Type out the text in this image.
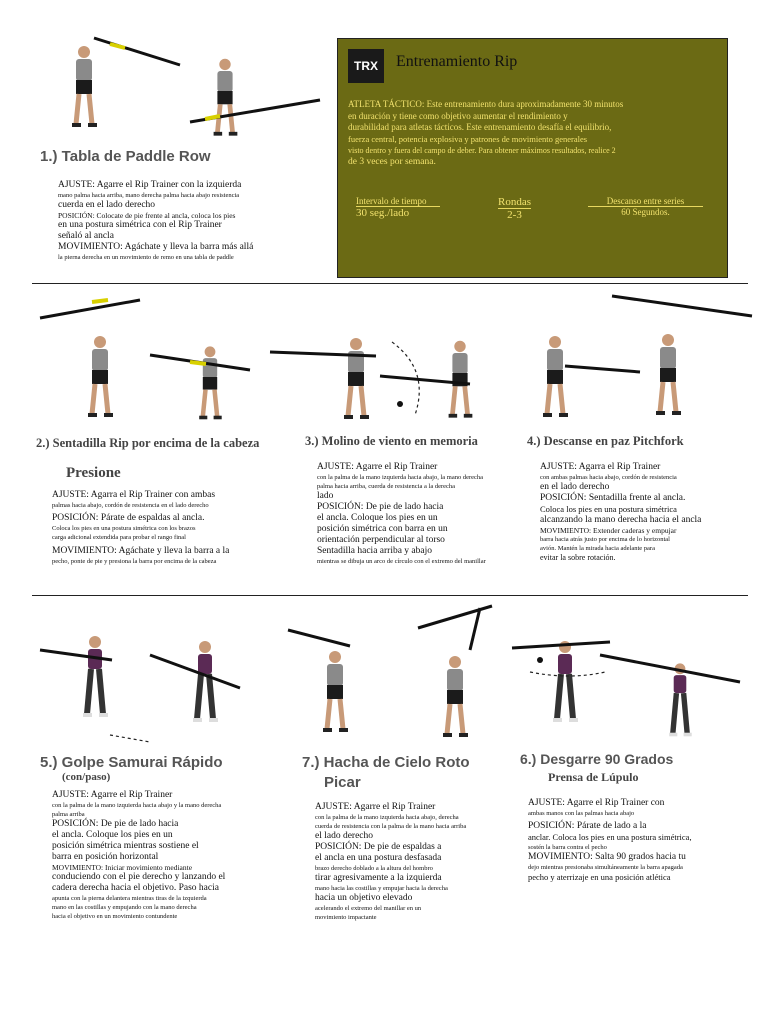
TRX	Entrenamiento Rip

ATLETA TÁCTICO: Este entrenamiento dura aproximadamente 30 minutos

en duración y tiene como objetivo aumentar el rendimiento y

durabilidad para atletas tácticos. Este entrenamiento desafía el equilibrio,

fuerza central, potencia explosiva y patrones de movimiento generales

visto dentro y fuera del campo de deber. Para obtener máximos resultados, realice 2

de 3 veces por semana.

Intervalo de tiempo
30 seg./lado
Rondas
2-3
Descanso entre series
60 Segundos.
1.) Tabla de Paddle Row

AJUSTE: Agarre el Rip Trainer con la izquierda

mano palma hacia arriba, mano derecha palma hacia abajo resistencia

cuerda en el lado derecho

POSICIÓN: Colocate de pie frente al ancla, coloca los pies

en una postura simétrica con el Rip Trainer

señaló al ancla

MOVIMIENTO: Agáchate y lleva la barra más allá

la pierna derecha en un movimiento de remo en una tabla de paddle

2.) Sentadilla Rip por encima de la cabeza
Presione

AJUSTE: Agarra el Rip Trainer con ambas

palmas hacia abajo, cordón de resistencia en el lado derecho

POSICIÓN: Párate de espaldas al ancla.

Coloca los pies en una postura simétrica con los brazos

carga adicional extendida para probar el rango final

MOVIMIENTO: Agáchate y lleva la barra a la

pecho, ponte de pie y presiona la barra por encima de la cabeza

3.) Molino de viento en memoria

AJUSTE: Agarre el Rip Trainer

con la palma de la mano izquierda hacia abajo, la mano derecha

palma hacia arriba, cuerda de resistencia a la derecha

lado

POSICIÓN: De pie de lado hacia

el ancla. Coloque los pies en un

posición simétrica con barra en un

orientación perpendicular al torso

Sentadilla hacia arriba y abajo

mientras se dibuja un arco de círculo con el extremo del manillar

4.) Descanse en paz Pitchfork

AJUSTE: Agarra el Rip Trainer

con ambas palmas hacia abajo, cordón de resistencia

en el lado derecho

POSICIÓN: Sentadilla frente al ancla.

Coloca los pies en una postura simétrica

alcanzando la mano derecha hacia el ancla

MOVIMIENTO: Extender caderas y empujar

barra hacia atrás justo por encima de lo horizontal

avión. Mantén la mirada hacia adelante para

evitar la sobre rotación.

5.) Golpe Samurai Rápido
(con/paso)

AJUSTE: Agarre el Rip Trainer

con la palma de la mano izquierda hacia abajo y la mano derecha

palma arriba

POSICIÓN: De pie de lado hacia

el ancla. Coloque los pies en un

posición simétrica mientras sostiene el

barra en posición horizontal

MOVIMIENTO: Iniciar movimiento mediante

conduciendo con el pie derecho y lanzando el

cadera derecha hacia el objetivo. Paso hacia

apunta con la pierna delantera mientras tiras de la izquierda

mano en las costillas y empujando con la mano derecha

hacia el objetivo en un movimiento contundente

7.) Hacha de Cielo Roto
Picar

AJUSTE: Agarre el Rip Trainer

con la palma de la mano izquierda hacia abajo, derecha

cuerda de resistencia con la palma de la mano hacia arriba

el lado derecho

POSICIÓN: De pie de espaldas a

el ancla en una postura desfasada

brazo derecho doblado a la altura del hombro

tirar agresivamente a la izquierda

mano hacia las costillas y empujar hacia la derecha

hacia un objetivo elevado

acelerando el extremo del manillar en un

movimiento impactante

6.) Desgarre 90 Grados
Prensa de Lúpulo

AJUSTE: Agarre el Rip Trainer con

ambas manos con las palmas hacia abajo

POSICIÓN: Párate de lado a la

anclar. Coloca los pies en una postura simétrica,

sostén la barra contra el pecho

MOVIMIENTO: Salta 90 grados hacia tu

dejo mientras presionaba simultáneamente la barra apagada

pecho y aterrizaje en una posición atlética
